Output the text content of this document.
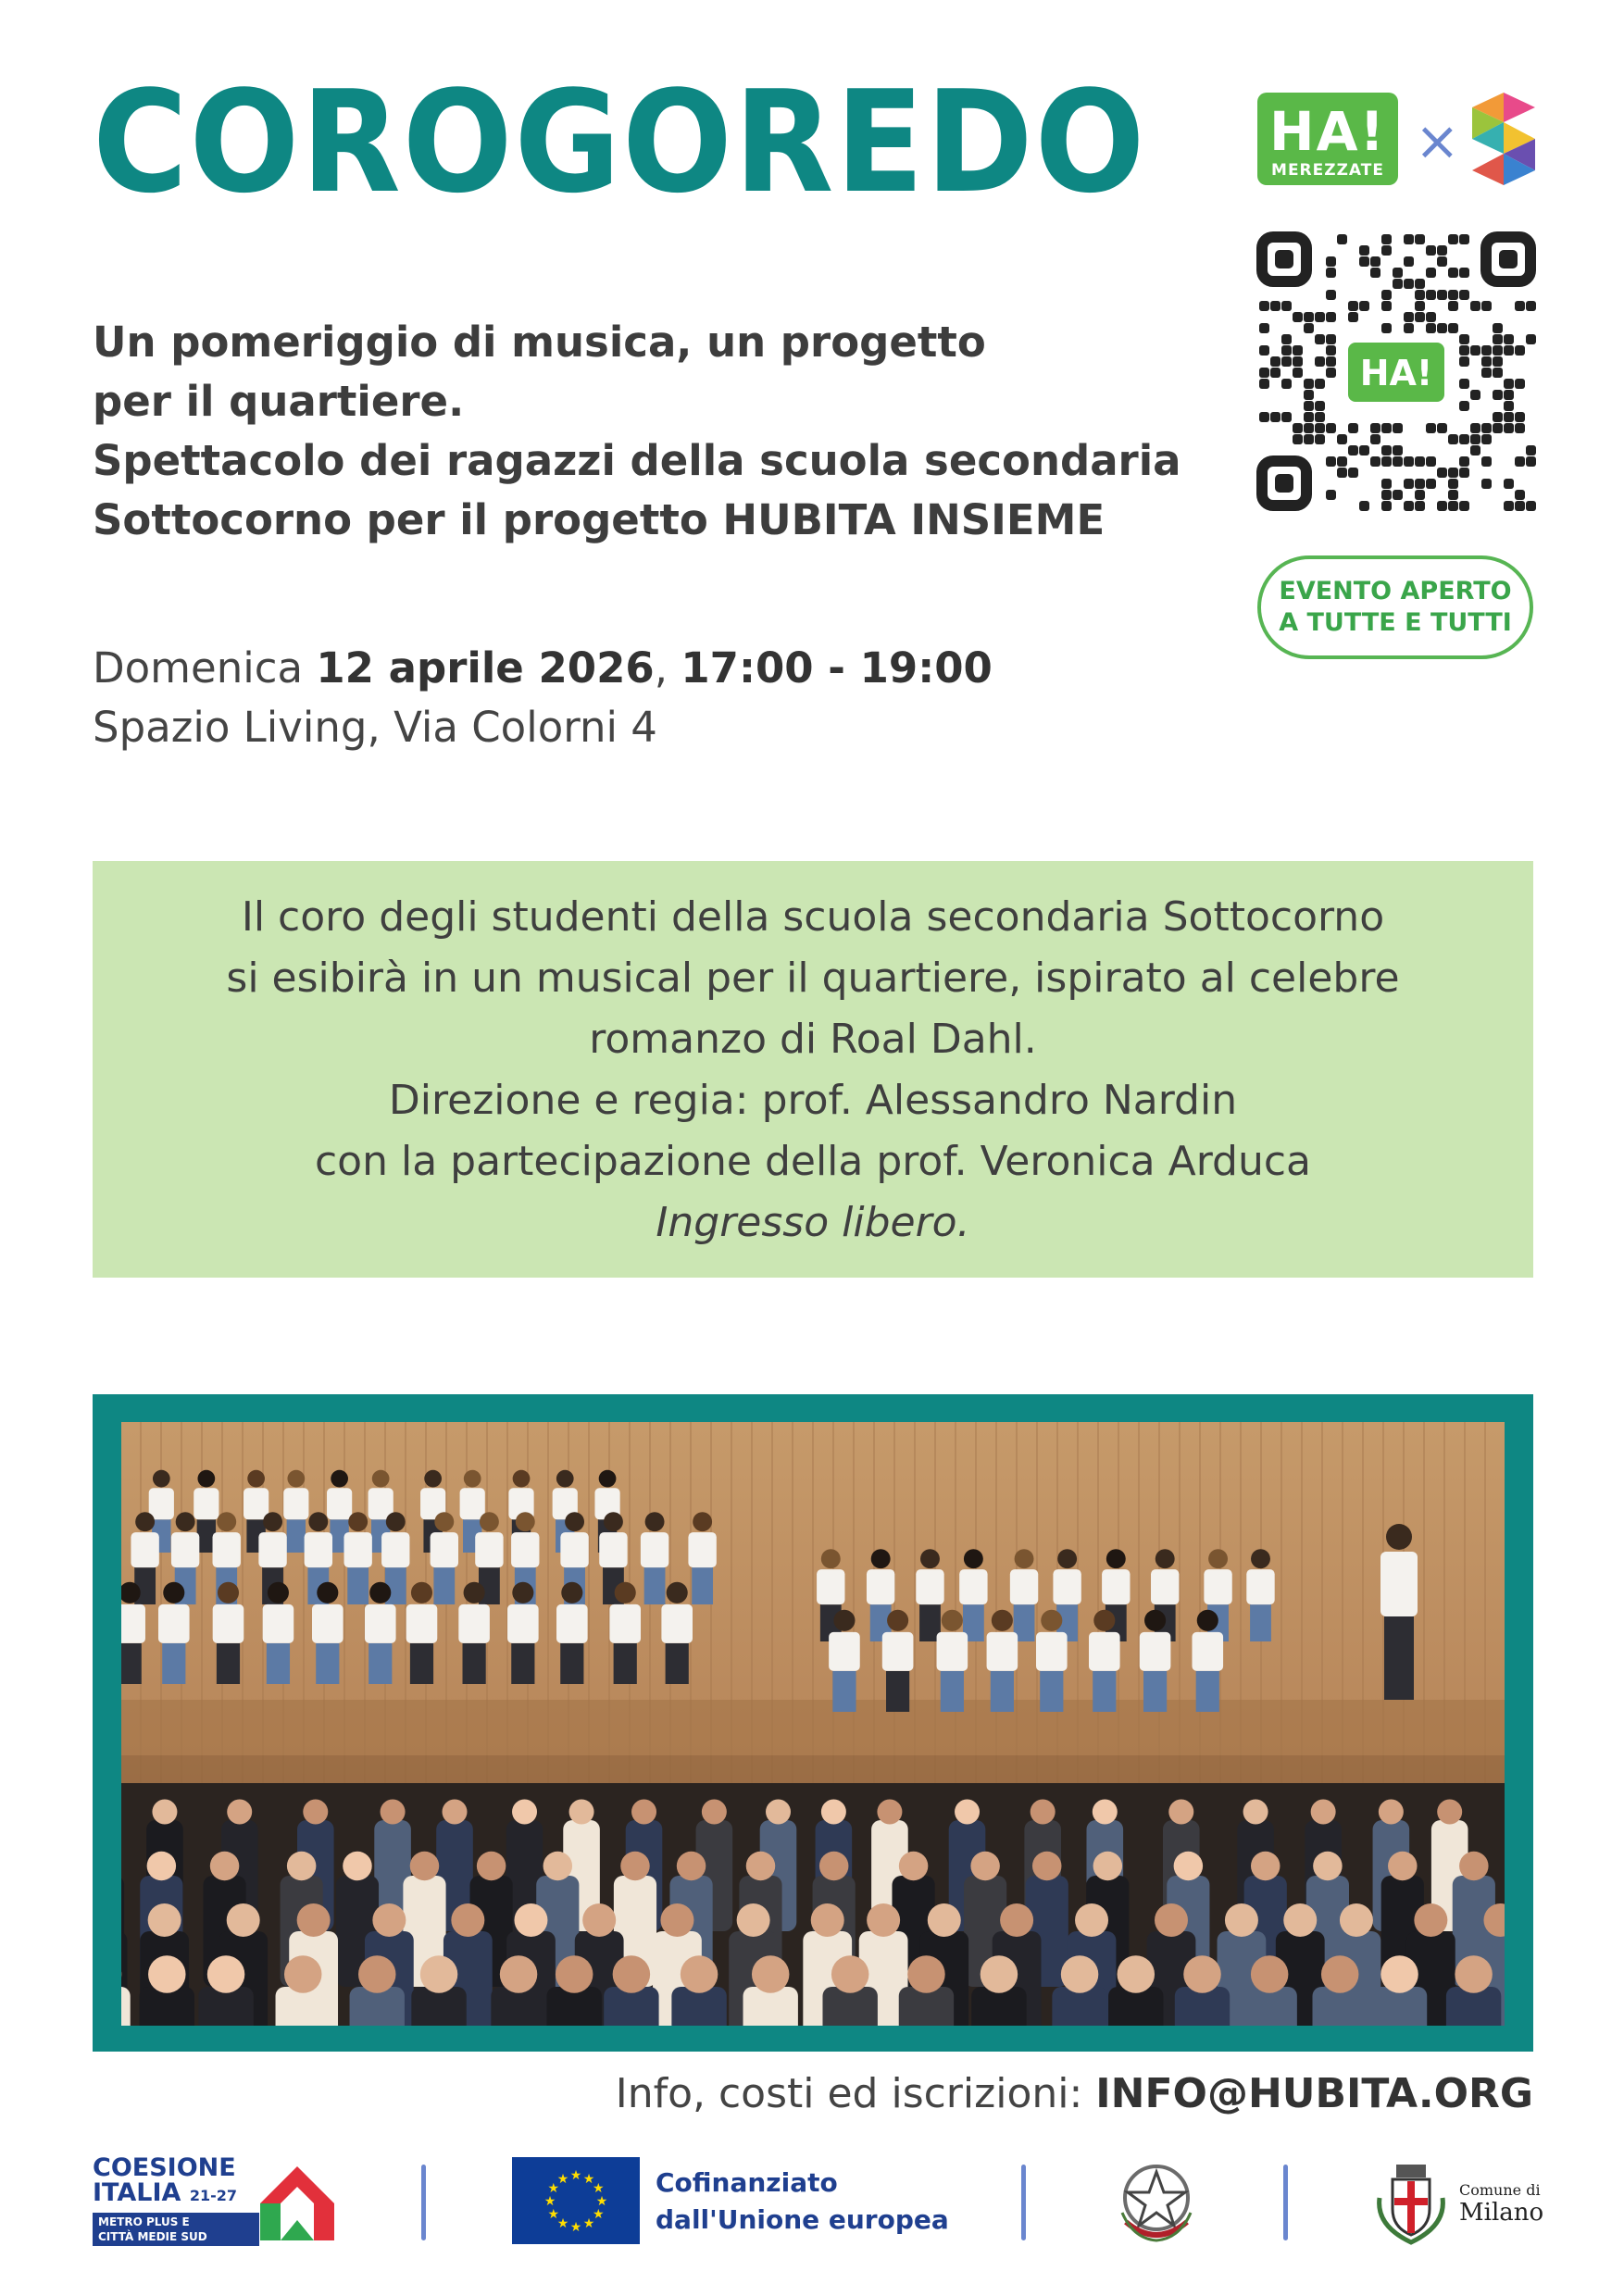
COROGOREDO
Un pomeriggio di musica, un progetto
per il quartiere.
Spettacolo dei ragazzi della scuola secondaria
Sottocorno per il progetto HUBITA INSIEME
Domenica 12 aprile 2026, 17:00 - 19:00
Spazio Living, Via Colorni 4
HA!
MEREZZATE ×
HA!
EVENTO APERTO
A TUTTE E TUTTI
Il coro degli studenti della scuola secondaria Sottocorno
si esibirà in un musical per il quartiere, ispirato al celebre
romanzo di Roal Dahl.
Direzione e regia: prof. Alessandro Nardin
con la partecipazione della prof. Veronica Arduca
Ingresso libero.
Info, costi ed iscrizioni: INFO@HUBITA.ORG
COESIONE
ITALIA 21-27
METRO PLUS E
CITTÀ MEDIE SUD
★
★
★
★
★
★
★
★
★ ★ ★
★ Cofinanziato
dall'Unione europea
Comune di
Milano
